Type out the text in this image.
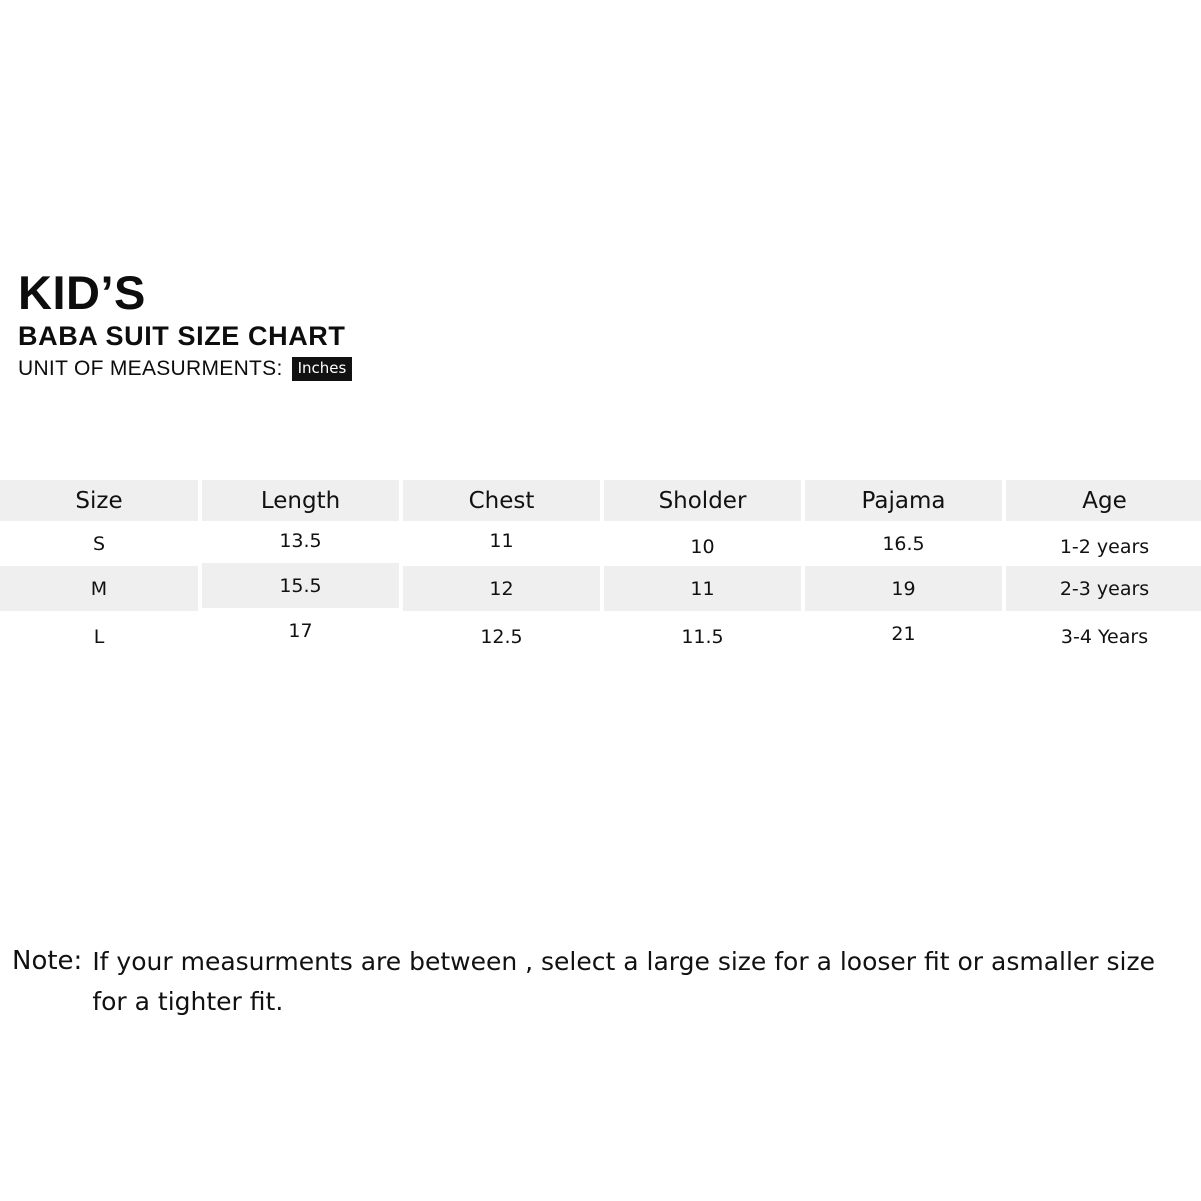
KID’S
BABA SUIT SIZE CHART
UNIT OF MEASURMENTS:	Inches
Size	Length	Chest	Sholder	Pajama	Age
S	13.5	11	10	16.5	1-2 years
M	15.5	12	11	19	2-3 years
L	17	12.5	11.5	21	3-4 Years
Note: If your measurments are between , select a large size for a looser fit or asmaller size for a tighter fit.
